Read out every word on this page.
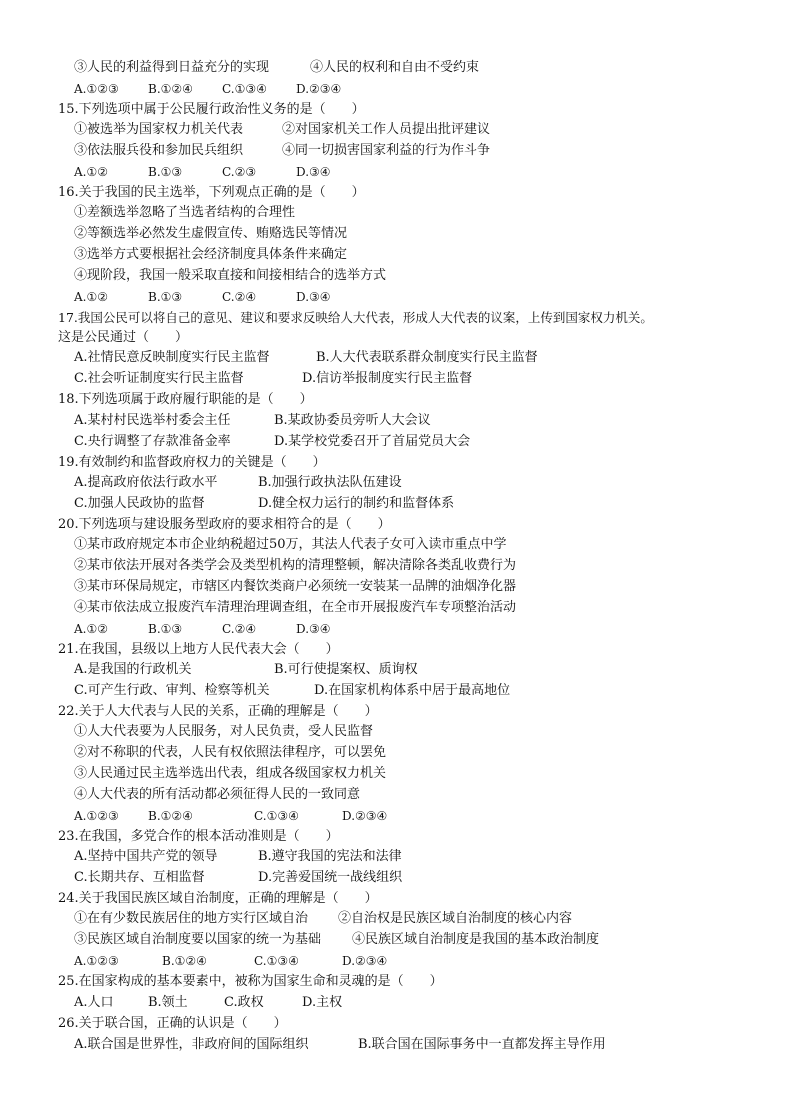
③人民的利益得到日益充分的实现	④人民的权利和自由不受约束
A.①②③ B.①②④ C.①③④ D.②③④
15.下列选项中属于公民履行政治性义务的是（　　）
①被选举为国家权力机关代表	②对国家机关工作人员提出批评建议
③依法服兵役和参加民兵组织	④同一切损害国家利益的行为作斗争
A.①②	B.①③	C.②③	D.③④
16.关于我国的民主选举，下列观点正确的是（　　）
①差额选举忽略了当选者结构的合理性
②等额选举必然发生虚假宣传、贿赂选民等情况
③选举方式要根据社会经济制度具体条件来确定
④现阶段，我国一般采取直接和间接相结合的选举方式
A.①②	B.①③	C.②④	D.③④
17.我国公民可以将自己的意见、建议和要求反映给人大代表，形成人大代表的议案，上传到国家权力机关。
这是公民通过（　　）
A.社情民意反映制度实行民主监督	B.人大代表联系群众制度实行民主监督
C.社会听证制度实行民主监督	D.信访举报制度实行民主监督
18.下列选项属于政府履行职能的是（　　）
A.某村村民选举村委会主任	B.某政协委员旁听人大会议
C.央行调整了存款准备金率	D.某学校党委召开了首届党员大会
19.有效制约和监督政府权力的关键是（　　）
A.提高政府依法行政水平	B.加强行政执法队伍建设
C.加强人民政协的监督	D.健全权力运行的制约和监督体系
20.下列选项与建设服务型政府的要求相符合的是（　　）
①某市政府规定本市企业纳税超过50万，其法人代表子女可入读市重点中学
②某市依法开展对各类学会及类型机构的清理整顿，解决清除各类乱收费行为
③某市环保局规定，市辖区内餐饮类商户必须统一安装某一品牌的油烟净化器
④某市依法成立报废汽车清理治理调查组，在全市开展报废汽车专项整治活动
A.①②	B.①③	C.②④	D.③④
21.在我国，县级以上地方人民代表大会（　　）
A.是我国的行政机关	B.可行使提案权、质询权
C.可产生行政、审判、检察等机关	D.在国家机构体系中居于最高地位
22.关于人大代表与人民的关系，正确的理解是（　　）
①人大代表要为人民服务，对人民负责，受人民监督
②对不称职的代表，人民有权依照法律程序，可以罢免
③人民通过民主选举选出代表，组成各级国家权力机关
④人大代表的所有活动都必须征得人民的一致同意
A.①②③ B.①②④	C.①③④	D.②③④
23.在我国，多党合作的根本活动准则是（　　）
A.坚持中国共产党的领导	B.遵守我国的宪法和法律
C.长期共存、互相监督	D.完善爱国统一战线组织
24.关于我国民族区域自治制度，正确的理解是（　　）
①在有少数民族居住的地方实行区域自治 ②自治权是民族区域自治制度的核心内容
③民族区域自治制度要以国家的统一为基础 ④民族区域自治制度是我国的基本政治制度
A.①②③	B.①②④	C.①③④	D.②③④
25.在国家构成的基本要素中，被称为国家生命和灵魂的是（　　）
A.人口	B.领土	C.政权	D.主权
26.关于联合国，正确的认识是（　　）
A.联合国是世界性，非政府间的国际组织	B.联合国在国际事务中一直都发挥主导作用
